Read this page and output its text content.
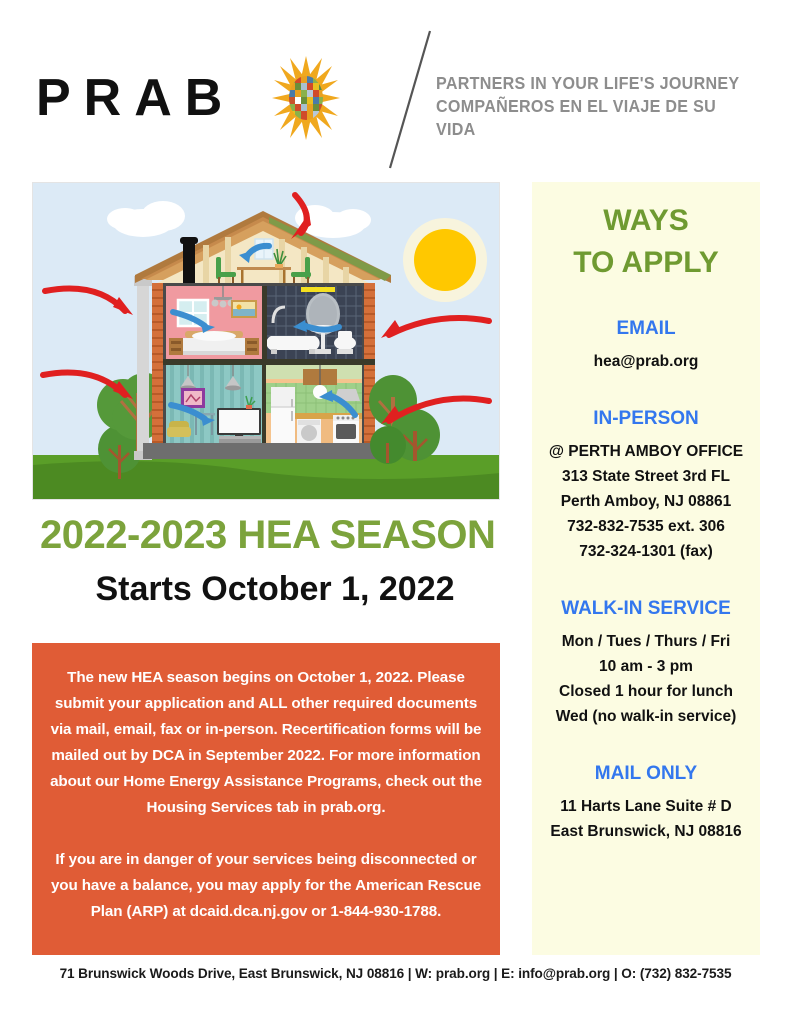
PRAB	PARTNERS IN YOUR LIFE'S JOURNEY
COMPAÑEROS EN EL VIAJE DE SU VIDA
2022-2023 HEA SEASON
Starts October 1, 2022

The new HEA season begins on October 1, 2022. Please submit your application and ALL other required documents via mail, email, fax or in-person. Recertification forms will be mailed out by DCA in September 2022. For more information about our Home Energy Assistance Programs, check out the Housing Services tab in prab.org.

If you are in danger of your services being disconnected or you have a balance, you may apply for the American Rescue Plan (ARP) at dcaid.dca.nj.gov or 1-844-930-1788.

WAYS
TO APPLY
EMAIL
hea@prab.org
IN-PERSON
@ PERTH AMBOY OFFICE
313 State Street 3rd FL
Perth Amboy, NJ 08861
732-832-7535 ext. 306
732-324-1301 (fax)
WALK-IN SERVICE
Mon / Tues / Thurs / Fri
10 am - 3 pm
Closed 1 hour for lunch
Wed (no walk-in service)
MAIL ONLY
11 Harts Lane Suite # D
East Brunswick, NJ 08816
71 Brunswick Woods Drive, East Brunswick, NJ 08816 | W: prab.org | E: info@prab.org | O: (732) 832-7535
